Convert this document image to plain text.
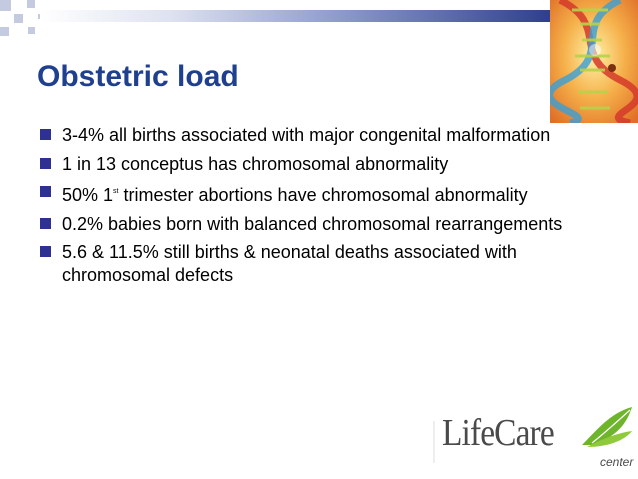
Obstetric load
3-4% all births associated with major congenital malformation
1 in 13 conceptus has chromosomal abnormality
50% 1st trimester abortions have chromosomal abnormality
0.2% babies born with balanced chromosomal rearrangements
5.6 & 11.5% still births & neonatal deaths associated with chromosomal defects
LifeCare
center
